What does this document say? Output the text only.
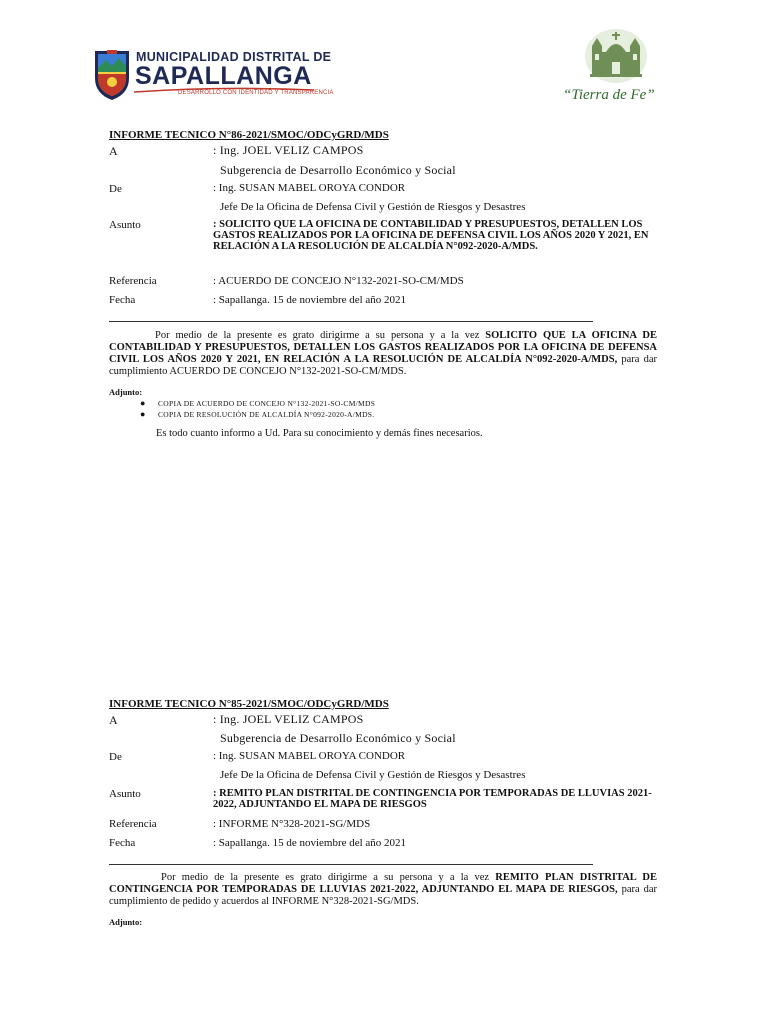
MUNICIPALIDAD DISTRITAL DE
SAPALLANGA
DESARROLLO CON IDENTIDAD Y TRANSPARENCIA	“Tierra de Fe”
INFORME TECNICO N°86-2021/SMOC/ODCyGRD/MDS
A	: Ing. JOEL VELIZ CAMPOS
Subgerencia de Desarrollo Económico y Social
De	: Ing. SUSAN MABEL OROYA CONDOR
Jefe De la Oficina de Defensa Civil y Gestión de Riesgos y Desastres
Asunto	: SOLICITO QUE LA OFICINA DE CONTABILIDAD Y PRESUPUESTOS, DETALLEN LOS GASTOS REALIZADOS POR LA OFICINA DE DEFENSA CIVIL LOS AÑOS 2020 Y 2021, EN RELACIÓN A LA RESOLUCIÓN DE ALCALDÍA N°092-2020-A/MDS.
Referencia	: ACUERDO DE CONCEJO N°132-2021-SO-CM/MDS
Fecha	: Sapallanga. 15 de noviembre del año 2021
Por medio de la presente es grato dirigirme a su persona y a la vez SOLICITO QUE LA OFICINA DE CONTABILIDAD Y PRESUPUESTOS, DETALLEN LOS GASTOS REALIZADOS POR LA OFICINA DE DEFENSA CIVIL LOS AÑOS 2020 Y 2021, EN RELACIÓN A LA RESOLUCIÓN DE ALCALDÍA N°092-2020-A/MDS, para dar cumplimiento ACUERDO DE CONCEJO N°132-2021-SO-CM/MDS.
Adjunto:
● COPIA DE ACUERDO DE CONCEJO N°132-2021-SO-CM/MDS
● COPIA DE RESOLUCIÓN DE ALCALDÍA N°092-2020-A/MDS.
Es todo cuanto informo a Ud. Para su conocimiento y demás fines necesarios.
INFORME TECNICO N°85-2021/SMOC/ODCyGRD/MDS
A	: Ing. JOEL VELIZ CAMPOS
Subgerencia de Desarrollo Económico y Social
De	: Ing. SUSAN MABEL OROYA CONDOR
Jefe De la Oficina de Defensa Civil y Gestión de Riesgos y Desastres
Asunto	: REMITO PLAN DISTRITAL DE CONTINGENCIA POR TEMPORADAS DE LLUVIAS 2021-2022, ADJUNTANDO EL MAPA DE RIESGOS
Referencia	: INFORME N°328-2021-SG/MDS
Fecha	: Sapallanga. 15 de noviembre del año 2021
Por medio de la presente es grato dirigirme a su persona y a la vez REMITO PLAN DISTRITAL DE CONTINGENCIA POR TEMPORADAS DE LLUVIAS 2021-2022, ADJUNTANDO EL MAPA DE RIESGOS, para dar cumplimiento de pedido y acuerdos al INFORME N°328-2021-SG/MDS.
Adjunto:
